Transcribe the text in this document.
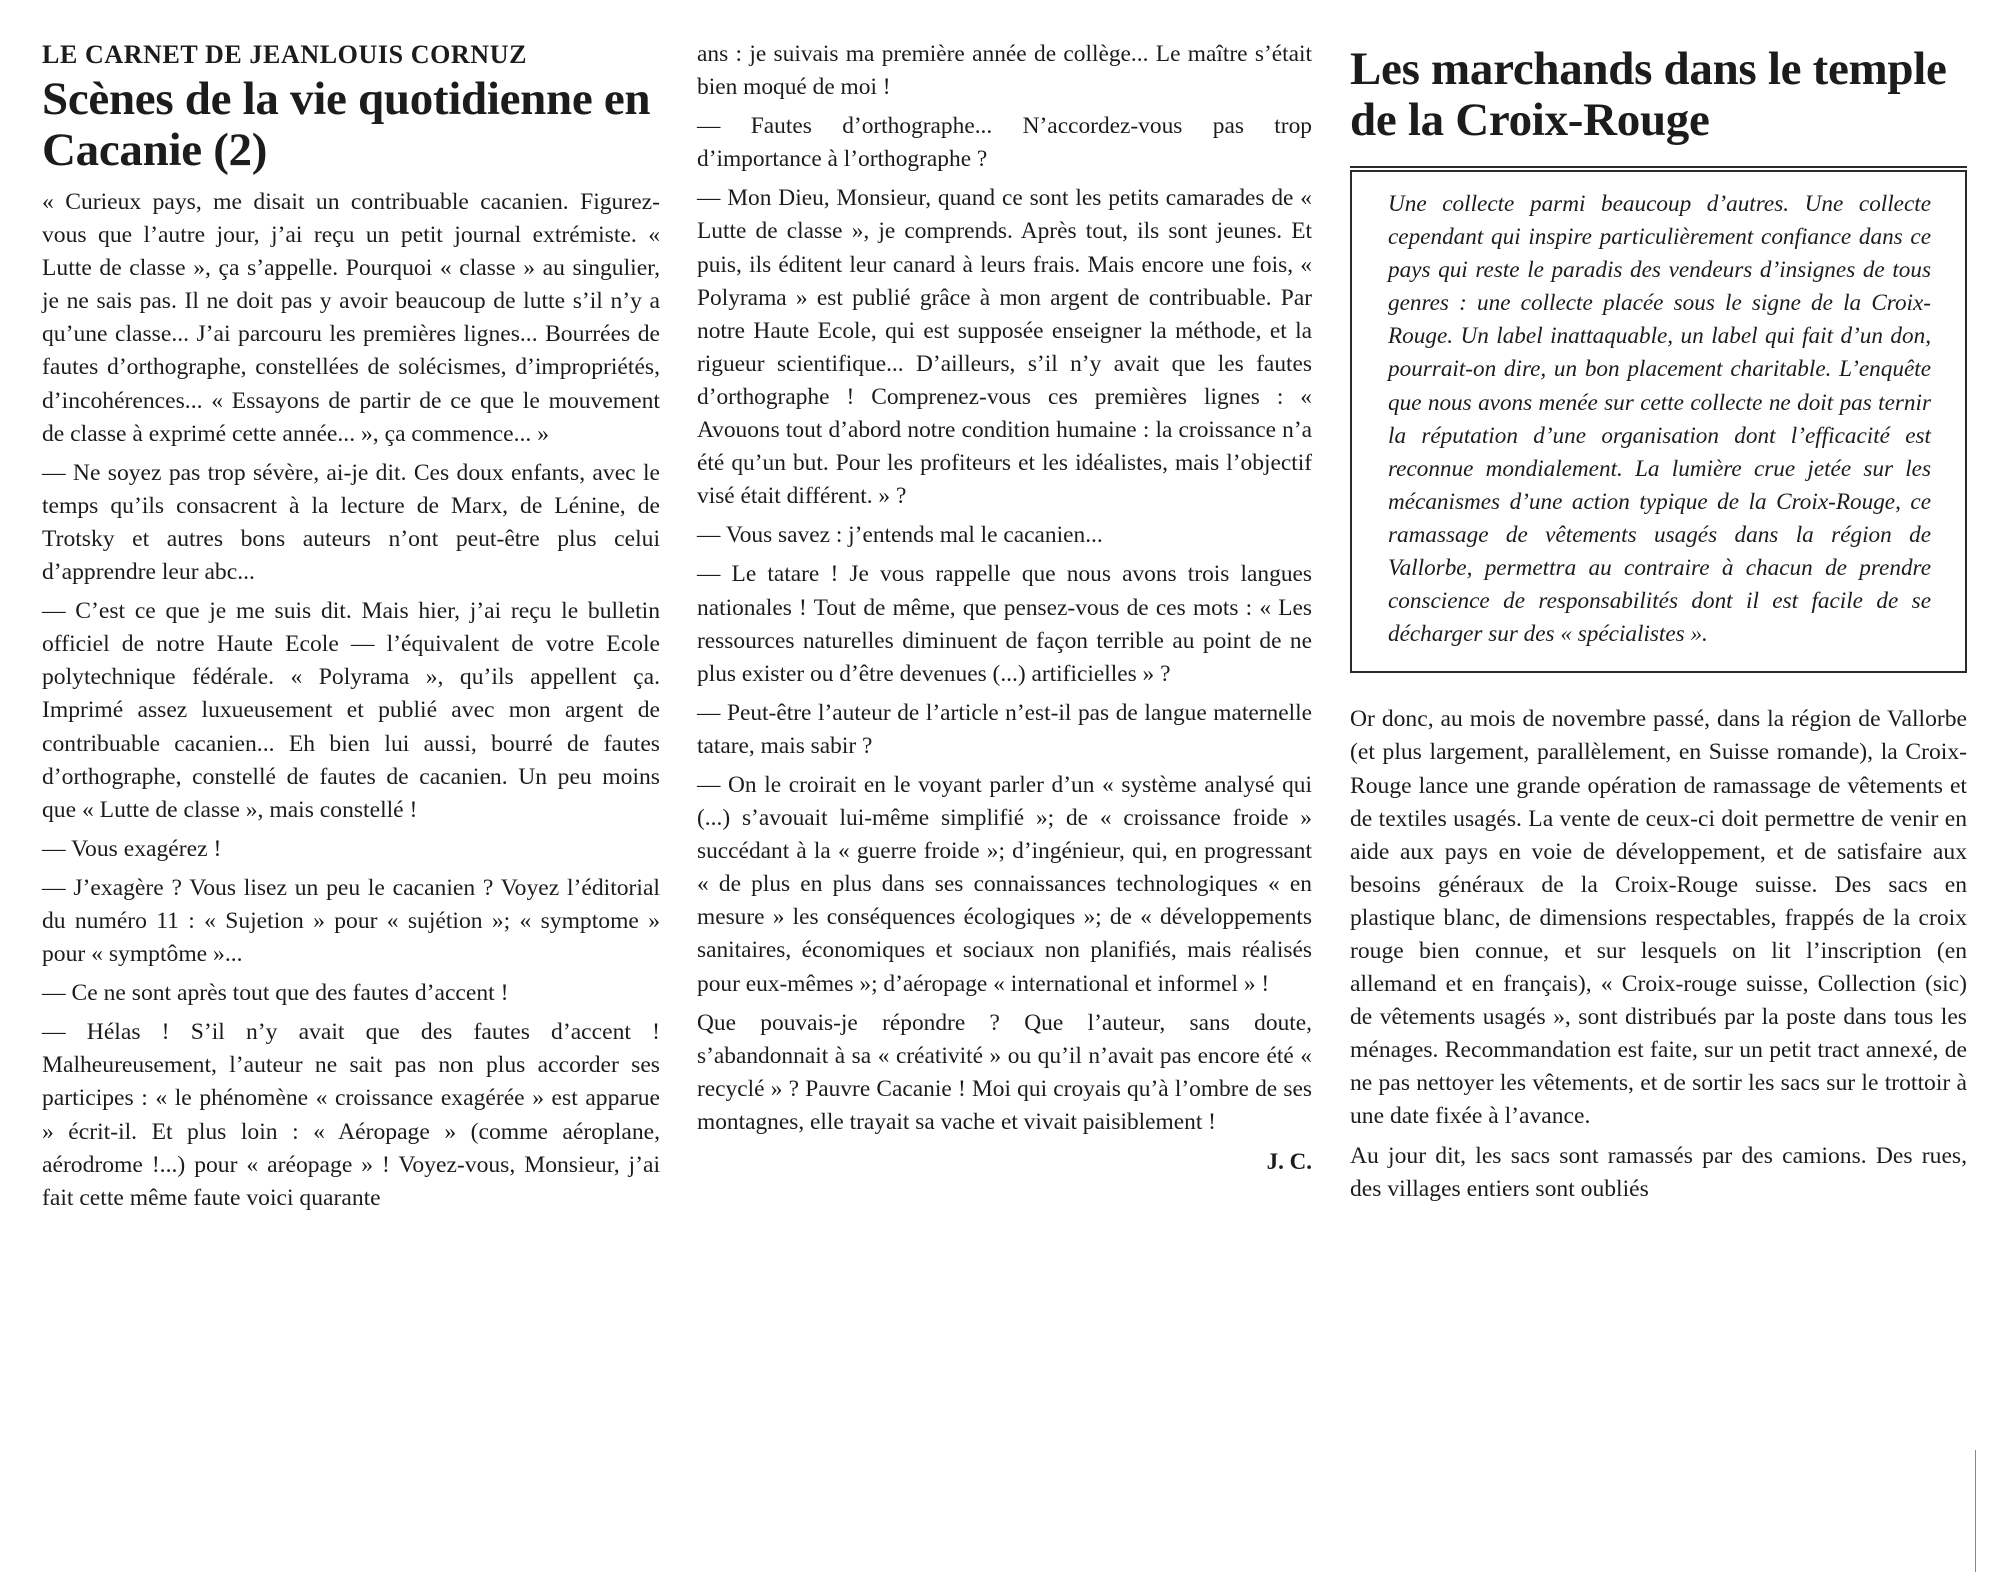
LE CARNET DE JEANLOUIS CORNUZ
Scènes de la vie quotidienne en Cacanie (2)

« Curieux pays, me disait un contribuable cacanien. Figurez-vous que l’autre jour, j’ai reçu un petit journal extrémiste. « Lutte de classe », ça s’appelle. Pourquoi « classe » au singulier, je ne sais pas. Il ne doit pas y avoir beaucoup de lutte s’il n’y a qu’une classe... J’ai parcouru les premières lignes... Bourrées de fautes d’orthographe, constellées de solécismes, d’impropriétés, d’incohérences... « Essayons de partir de ce que le mouvement de classe à exprimé cette année... », ça commence... »

— Ne soyez pas trop sévère, ai-je dit. Ces doux enfants, avec le temps qu’ils consacrent à la lecture de Marx, de Lénine, de Trotsky et autres bons auteurs n’ont peut-être plus celui d’apprendre leur abc...

— C’est ce que je me suis dit. Mais hier, j’ai reçu le bulletin officiel de notre Haute Ecole — l’équivalent de votre Ecole polytechnique fédérale. « Polyrama », qu’ils appellent ça. Imprimé assez luxueusement et publié avec mon argent de contribuable cacanien... Eh bien lui aussi, bourré de fautes d’orthographe, constellé de fautes de cacanien. Un peu moins que « Lutte de classe », mais constellé !

— Vous exagérez !

— J’exagère ? Vous lisez un peu le cacanien ? Voyez l’éditorial du numéro 11 : « Sujetion » pour « sujétion »; « symptome » pour « symptôme »...

— Ce ne sont après tout que des fautes d’accent !

— Hélas ! S’il n’y avait que des fautes d’accent ! Malheureusement, l’auteur ne sait pas non plus accorder ses participes : « le phénomène « croissance exagérée » est apparue » écrit-il. Et plus loin : « Aéropage » (comme aéroplane, aérodrome !...) pour « aréopage » ! Voyez-vous, Monsieur, j’ai fait cette même faute voici quarante

ans : je suivais ma première année de collège... Le maître s’était bien moqué de moi !

— Fautes d’orthographe... N’accordez-vous pas trop d’importance à l’orthographe ?

— Mon Dieu, Monsieur, quand ce sont les petits camarades de « Lutte de classe », je comprends. Après tout, ils sont jeunes. Et puis, ils éditent leur canard à leurs frais. Mais encore une fois, « Polyrama » est publié grâce à mon argent de contribuable. Par notre Haute Ecole, qui est supposée enseigner la méthode, et la rigueur scientifique... D’ailleurs, s’il n’y avait que les fautes d’orthographe ! Comprenez-vous ces premières lignes : « Avouons tout d’abord notre condition humaine : la croissance n’a été qu’un but. Pour les profiteurs et les idéalistes, mais l’objectif visé était différent. » ?

— Vous savez : j’entends mal le cacanien...

— Le tatare ! Je vous rappelle que nous avons trois langues nationales ! Tout de même, que pensez-vous de ces mots : « Les ressources naturelles diminuent de façon terrible au point de ne plus exister ou d’être devenues (...) artificielles » ?

— Peut-être l’auteur de l’article n’est-il pas de langue maternelle tatare, mais sabir ?

— On le croirait en le voyant parler d’un « système analysé qui (...) s’avouait lui-même simplifié »; de « croissance froide » succédant à la « guerre froide »; d’ingénieur, qui, en progressant « de plus en plus dans ses connaissances technologiques « en mesure » les conséquences écologiques »; de « développements sanitaires, économiques et sociaux non planifiés, mais réalisés pour eux-mêmes »; d’aéropage « international et informel » !

Que pouvais-je répondre ? Que l’auteur, sans doute, s’abandonnait à sa « créativité » ou qu’il n’avait pas encore été « recyclé » ? Pauvre Cacanie ! Moi qui croyais qu’à l’ombre de ses montagnes, elle trayait sa vache et vivait paisiblement !

J. C.

Les marchands dans le temple de la Croix-Rouge

Une collecte parmi beaucoup d’autres. Une collecte cependant qui inspire particulièrement confiance dans ce pays qui reste le paradis des vendeurs d’insignes de tous genres : une collecte placée sous le signe de la Croix-Rouge. Un label inattaquable, un label qui fait d’un don, pourrait-on dire, un bon placement charitable. L’enquête que nous avons menée sur cette collecte ne doit pas ternir la réputation d’une organisation dont l’efficacité est reconnue mondialement. La lumière crue jetée sur les mécanismes d’une action typique de la Croix-Rouge, ce ramassage de vêtements usagés dans la région de Vallorbe, permettra au contraire à chacun de prendre conscience de responsabilités dont il est facile de se décharger sur des « spécialistes ».

Or donc, au mois de novembre passé, dans la région de Vallorbe (et plus largement, parallèlement, en Suisse romande), la Croix-Rouge lance une grande opération de ramassage de vêtements et de textiles usagés. La vente de ceux-ci doit permettre de venir en aide aux pays en voie de développement, et de satisfaire aux besoins généraux de la Croix-Rouge suisse. Des sacs en plastique blanc, de dimensions respectables, frappés de la croix rouge bien connue, et sur lesquels on lit l’inscription (en allemand et en français), « Croix-rouge suisse, Collection (sic) de vêtements usagés », sont distribués par la poste dans tous les ménages. Recommandation est faite, sur un petit tract annexé, de ne pas nettoyer les vêtements, et de sortir les sacs sur le trottoir à une date fixée à l’avance.

Au jour dit, les sacs sont ramassés par des camions. Des rues, des villages entiers sont oubliés
